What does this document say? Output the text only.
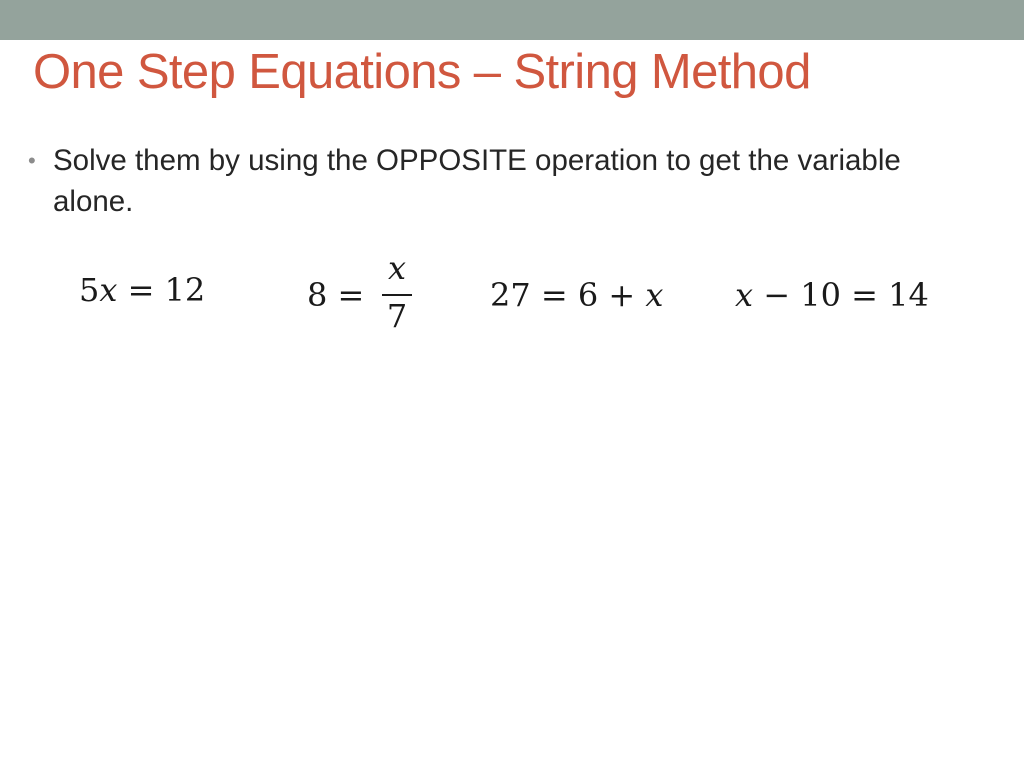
One Step Equations – String Method
• Solve them by using the OPPOSITE operation to get the variable alone.
5x = 12	8 =
x
7
27 = 6 + x x − 10 = 14
